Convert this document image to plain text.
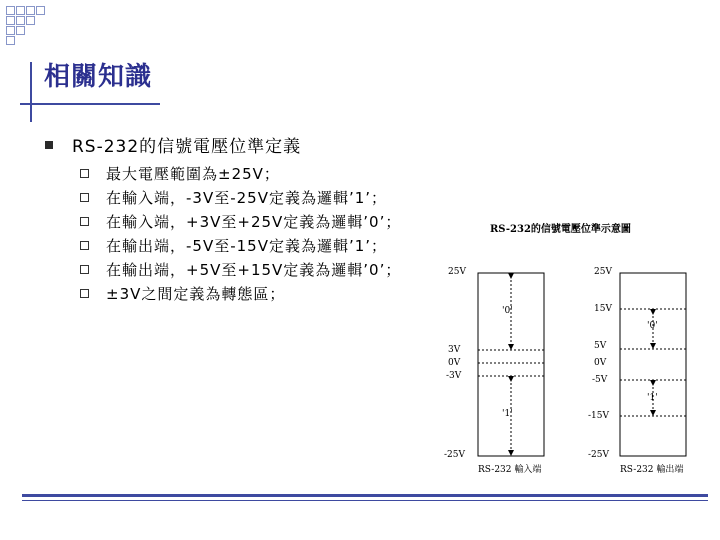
相關知識
RS-232的信號電壓位準定義
最大電壓範圍為±25V；
在輸入端，-3V至-25V定義為邏輯’1’；
在輸入端，+3V至+25V定義為邏輯’0’；
在輸出端，-5V至-15V定義為邏輯’1’；
在輸出端，+5V至+15V定義為邏輯’0’；
±3V之間定義為轉態區；
RS-232的信號電壓位準示意圖
'0'
'1'
25V
3V
0V
-3V
-25V
RS-232 輸入端
'0'
'1'
25V
15V
5V
0V
-5V
-15V
-25V
RS-232 輸出端
